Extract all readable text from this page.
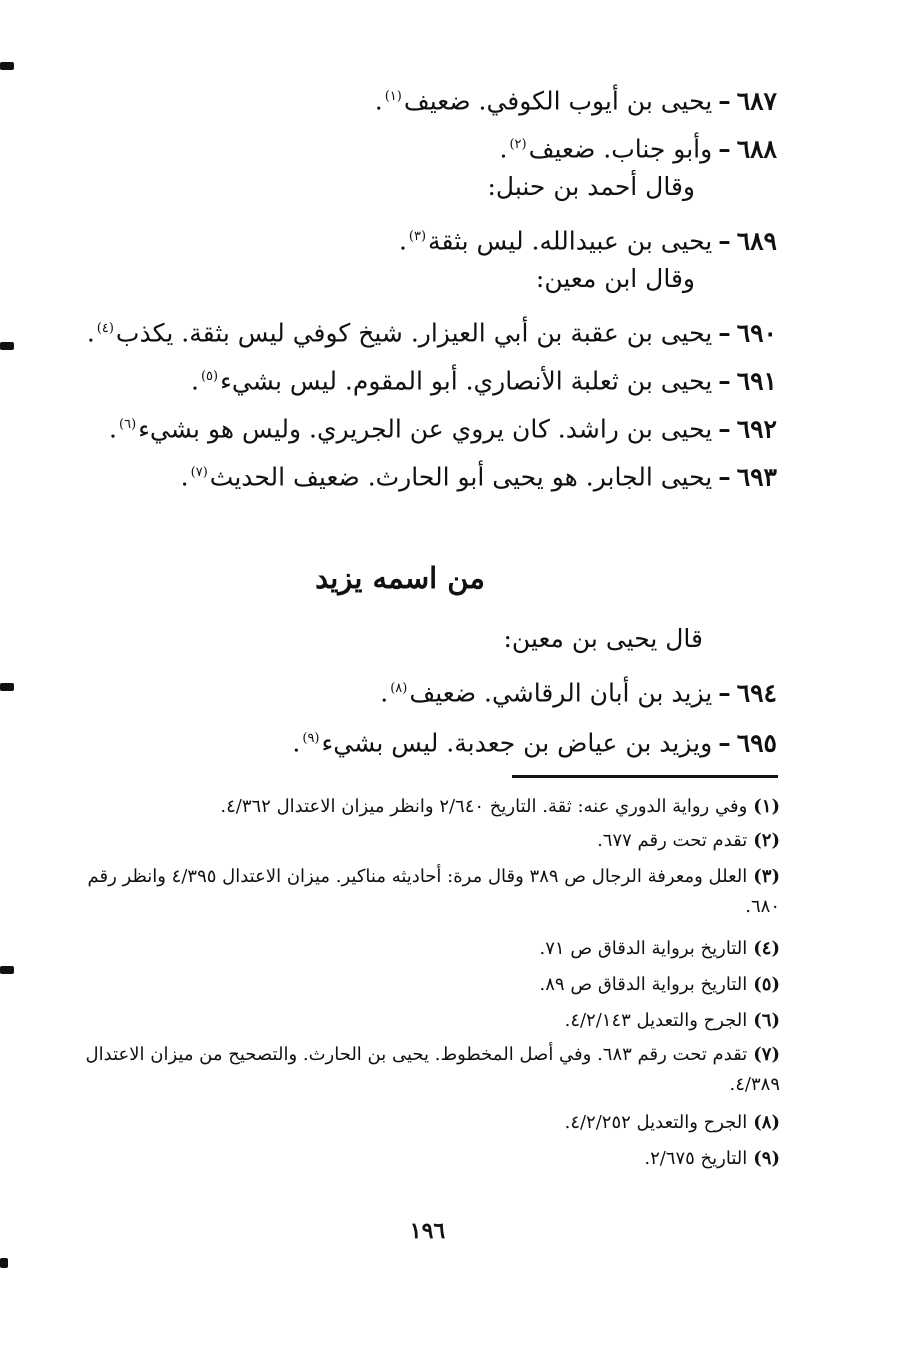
٦٨٧–يحيى بن أيوب الكوفي. ضعيف$^{(١)}$.
٦٨٨–وأبو جناب. ضعيف$^{(٢)}$.
وقال أحمد بن حنبل:
٦٨٩–يحيى بن عبيدالله. ليس بثقة$^{(٣)}$.
وقال ابن معين:
٦٩٠–يحيى بن عقبة بن أبي العيزار. شيخ كوفي ليس بثقة. يكذب$^{(٤)}$.
٦٩١–يحيى بن ثعلبة الأنصاري. أبو المقوم. ليس بشيء$^{(٥)}$.
٦٩٢–يحيى بن راشد. كان يروي عن الجريري. وليس هو بشيء$^{(٦)}$.
٦٩٣–يحيى الجابر. هو يحيى أبو الحارث. ضعيف الحديث$^{(٧)}$.
من اسمه يزيد
قال يحيى بن معين:
٦٩٤–يزيد بن أبان الرقاشي. ضعيف$^{(٨)}$.
٦٩٥–ويزيد بن عياض بن جعدبة. ليس بشيء$^{(٩)}$.
(١)وفي رواية الدوري عنه: ثقة. التاريخ ٢/٦٤٠ وانظر ميزان الاعتدال ٤/٣٦٢.
(٢)تقدم تحت رقم ٦٧٧.
(٣)العلل ومعرفة الرجال ص ٣٨٩ وقال مرة: أحاديثه مناكير. ميزان الاعتدال ٤/٣٩٥ وانظر رقم ٦٨٠.
(٤)التاريخ برواية الدقاق ص ٧١.
(٥)التاريخ برواية الدقاق ص ٨٩.
(٦)الجرح والتعديل ٤/٢/١٤٣.
(٧)تقدم تحت رقم ٦٨٣. وفي أصل المخطوط. يحيى بن الحارث. والتصحيح من ميزان الاعتدال ٤/٣٨٩.
(٨)الجرح والتعديل ٤/٢/٢٥٢.
(٩)التاريخ ٢/٦٧٥.
١٩٦
